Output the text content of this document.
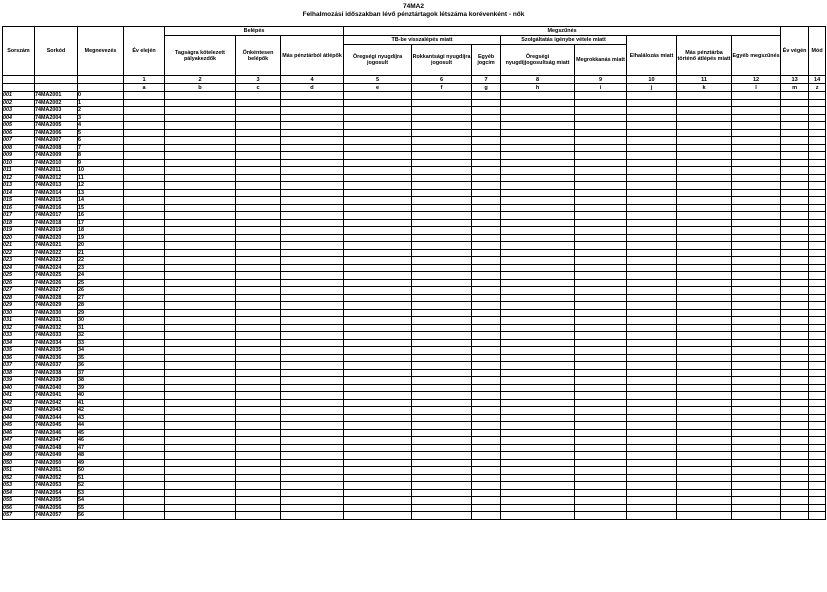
74MA2
Felhalmozási időszakban lévő pénztártagok létszáma korévenként - nők
Sorszám	Sorkód	Megnevezés	Év elején	Belépés			Megszűnés								Év végén	Mód
				Tagságra kötelezett pályakezdők	Önkéntesen belépők	Más pénztárból átlépők	TB-be visszalépés miatt			Szolgáltatás igénybe vétele miatt		Elhalálozás miatt	Más pénztárba történő átlépés miatt	Egyéb megszűnés		
							Öregségi nyugdíjra jogosult	Rokkantsági nyugdíjra jogosult	Egyéb jogcím	Öregségi nyugdíjjogosultság miatt	Megrokkanás miatt					
			1	2	3	4	5	6	7	8	9	10	11	12	13	14
			a	b	c	d	e	f	g	h	i	j	k	l	m	z
001	74MA2001	0														
002	74MA2002	1														
003	74MA2003	2														
004	74MA2004	3														
005	74MA2005	4														
006	74MA2006	5														
007	74MA2007	6														
008	74MA2008	7														
009	74MA2009	8														
010	74MA2010	9														
011	74MA2011	10														
012	74MA2012	11														
013	74MA2013	12														
014	74MA2014	13														
015	74MA2015	14														
016	74MA2016	15														
017	74MA2017	16														
018	74MA2018	17														
019	74MA2019	18														
020	74MA2020	19														
021	74MA2021	20														
022	74MA2022	21														
023	74MA2023	22														
024	74MA2024	23														
025	74MA2025	24														
026	74MA2026	25														
027	74MA2027	26														
028	74MA2028	27														
029	74MA2029	28														
030	74MA2030	29														
031	74MA2031	30														
032	74MA2032	31														
033	74MA2033	32														
034	74MA2034	33														
035	74MA2035	34														
036	74MA2036	35														
037	74MA2037	36														
038	74MA2038	37														
039	74MA2039	38														
040	74MA2040	39														
041	74MA2041	40														
042	74MA2042	41														
043	74MA2043	42														
044	74MA2044	43														
045	74MA2045	44														
046	74MA2046	45														
047	74MA2047	46														
048	74MA2048	47														
049	74MA2049	48														
050	74MA2050	49														
051	74MA2051	50														
052	74MA2052	51														
053	74MA2053	52														
054	74MA2054	53														
055	74MA2055	54														
056	74MA2056	55														
057	74MA2057	56														
